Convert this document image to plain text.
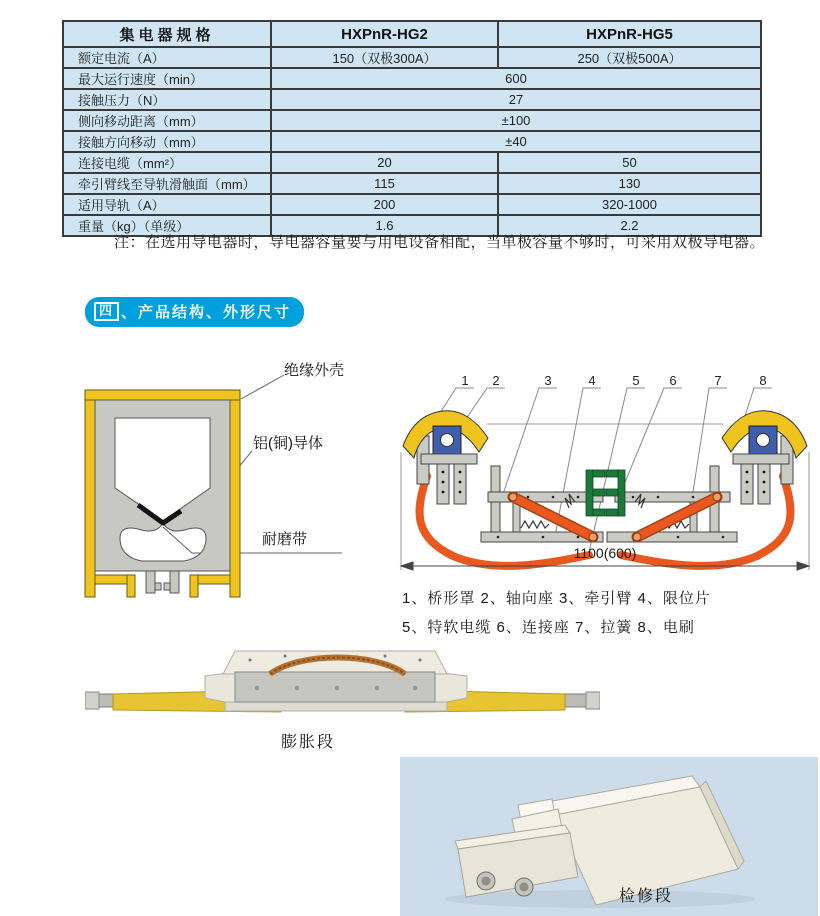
集电器规格	HXPnR-HG2	HXPnR-HG5
额定电流（A）	150（双极300A）	250（双极500A）
最大运行速度（min）	600	
接触压力（N）	27	
侧向移动距离（mm）	±100	
接触方向移动（mm）	±40	
连接电缆（mm²）	20	50
牵引臂线至导轨滑触面（mm）	115	130
适用导轨（A）	200	320-1000
重量（kg）（单级）	1.6	2.2
注：在选用导电器时，导电器容量要与用电设备相配，当单极容量不够时，可采用双极导电器。
四 、产品结构、外形尺寸
绝缘外壳
铝(铜)导体
耐磨带
1100(600)
1 2	3	4	5 6	7	8
1、桥形罩 2、轴向座 3、牵引臂 4、限位片
5、特软电缆 6、连接座 7、拉簧 8、电刷
膨胀段
检修段
